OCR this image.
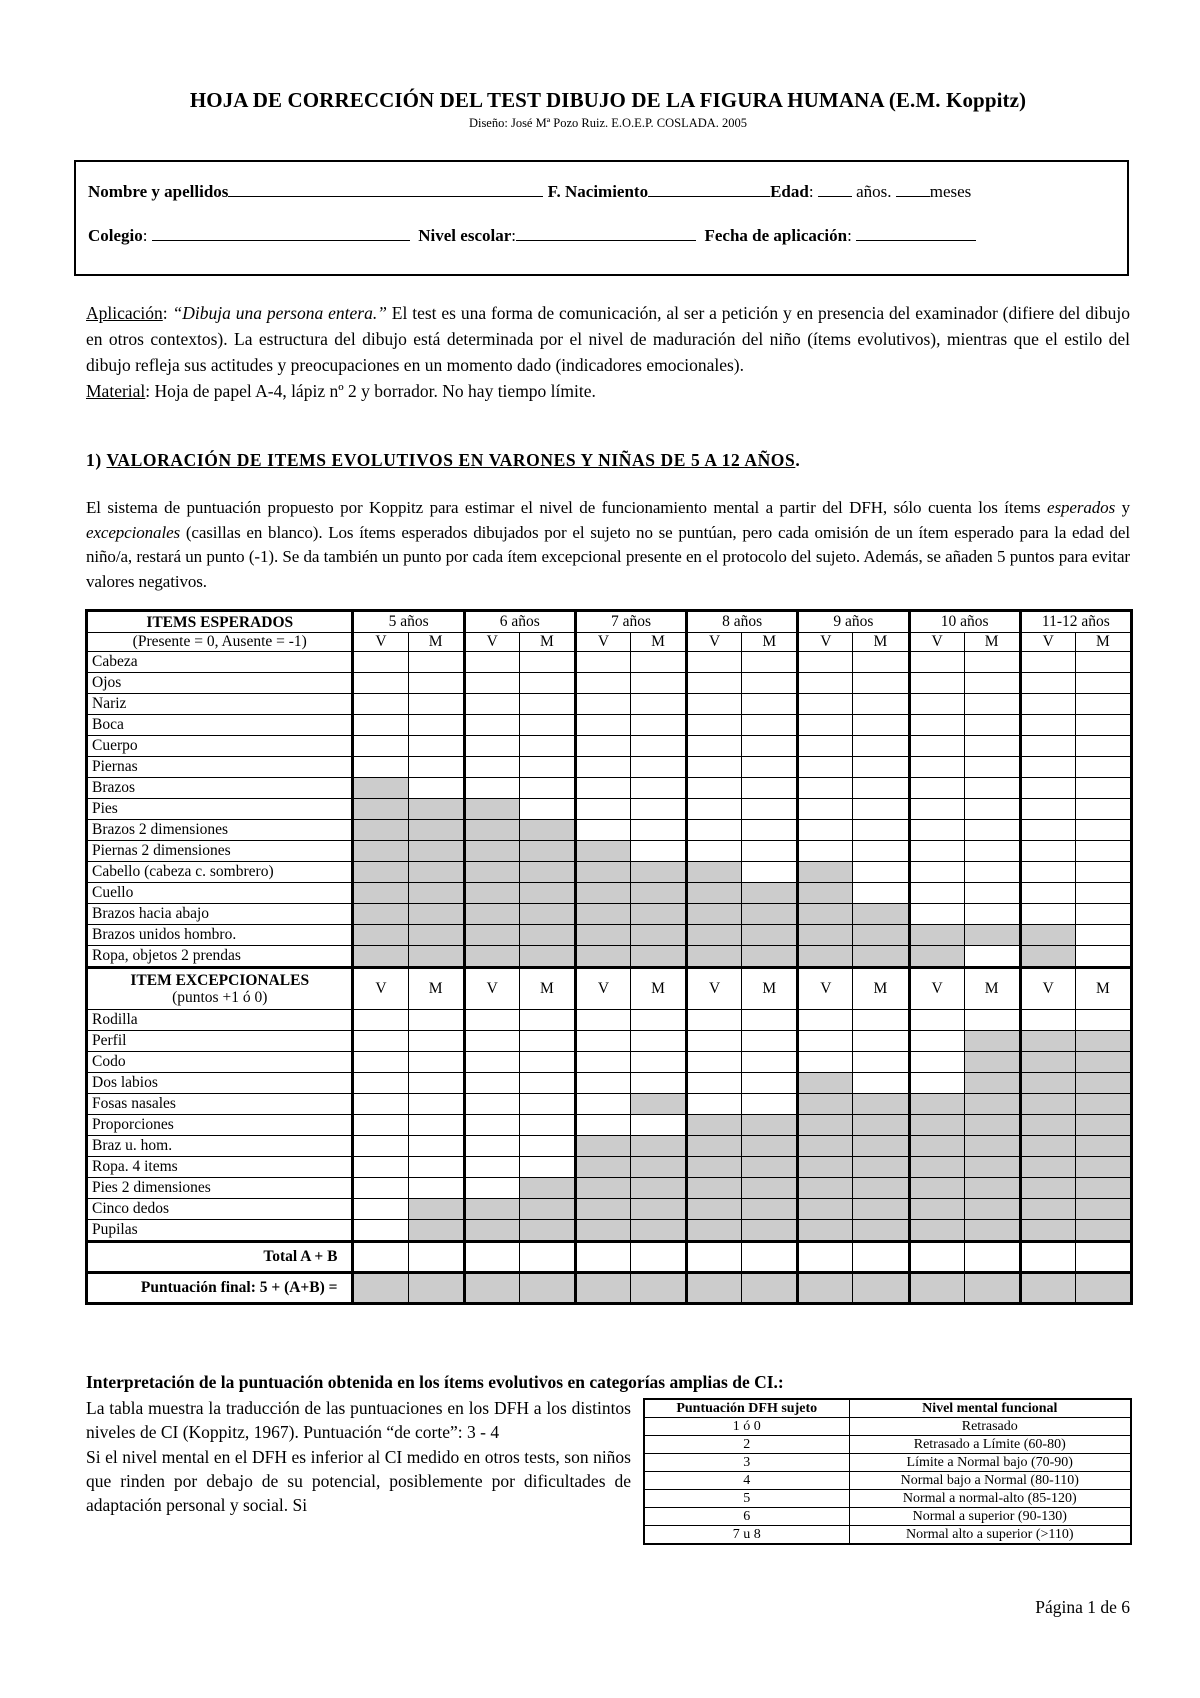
HOJA DE CORRECCIÓN DEL TEST DIBUJO DE LA FIGURA HUMANA (E.M. Koppitz)
Diseño: José Mª Pozo Ruiz. E.O.E.P. COSLADA. 2005
Nombre y apellidos	F. Nacimiento	Edad:	años. meses
Colegio:	Nivel escolar:	Fecha de aplicación:
Aplicación: “Dibuja una persona entera.” El test es una forma de comunicación, al ser a petición y en presencia del examinador (difiere del dibujo en otros contextos). La estructura del dibujo está determinada por el nivel de maduración del niño (ítems evolutivos), mientras que el estilo del dibujo refleja sus actitudes y preocupaciones en un momento dado (indicadores emocionales).
Material: Hoja de papel A-4, lápiz nº 2 y borrador. No hay tiempo límite.
1) VALORACIÓN DE ITEMS EVOLUTIVOS EN VARONES Y NIÑAS DE 5 A 12 AÑOS.
El sistema de puntuación propuesto por Koppitz para estimar el nivel de funcionamiento mental a partir del DFH, sólo cuenta los ítems esperados y excepcionales (casillas en blanco). Los ítems esperados dibujados por el sujeto no se puntúan, pero cada omisión de un ítem esperado para la edad del niño/a, restará un punto (-1). Se da también un punto por cada ítem excepcional presente en el protocolo del sujeto. Además, se añaden 5 puntos para evitar valores negativos.
ITEMS ESPERADOS	5 años		6 años		7 años		8 años		9 años		10 años		11-12 años	
(Presente = 0, Ausente = -1)	V	M	V	M	V	M	V	M	V	M	V	M	V	M
Cabeza														
Ojos														
Nariz														
Boca														
Cuerpo														
Piernas														
Brazos														
Pies														
Brazos 2 dimensiones														
Piernas 2 dimensiones														
Cabello (cabeza c. sombrero)														
Cuello														
Brazos hacia abajo														
Brazos unidos hombro.														
Ropa, objetos 2 prendas														
ITEM EXCEPCIONALES
(puntos +1 ó 0)	V	M	V	M	V	M	V	M	V	M	V	M	V	M
Rodilla														
Perfil														
Codo														
Dos labios														
Fosas nasales														
Proporciones														
Braz u. hom.														
Ropa. 4 items														
Pies 2 dimensiones														
Cinco dedos														
Pupilas														
Total A + B														
Puntuación final: 5 + (A+B) =														
Interpretación de la puntuación obtenida en los ítems evolutivos en categorías amplias de CI.:
La tabla muestra la traducción de las puntuaciones en los DFH a los distintos niveles de CI (Koppitz, 1967). Puntuación “de corte”: 3 - 4
Si el nivel mental en el DFH es inferior al CI medido en otros tests, son niños que rinden por debajo de su potencial, posiblemente por dificultades de adaptación personal y social. Si
Puntuación DFH sujeto	Nivel mental funcional
1 ó 0	Retrasado
2	Retrasado a Límite (60-80)
3	Límite a Normal bajo (70-90)
4	Normal bajo a Normal (80-110)
5	Normal a normal-alto (85-120)
6	Normal a superior (90-130)
7 u 8	Normal alto a superior (>110)
Página 1 de 6
